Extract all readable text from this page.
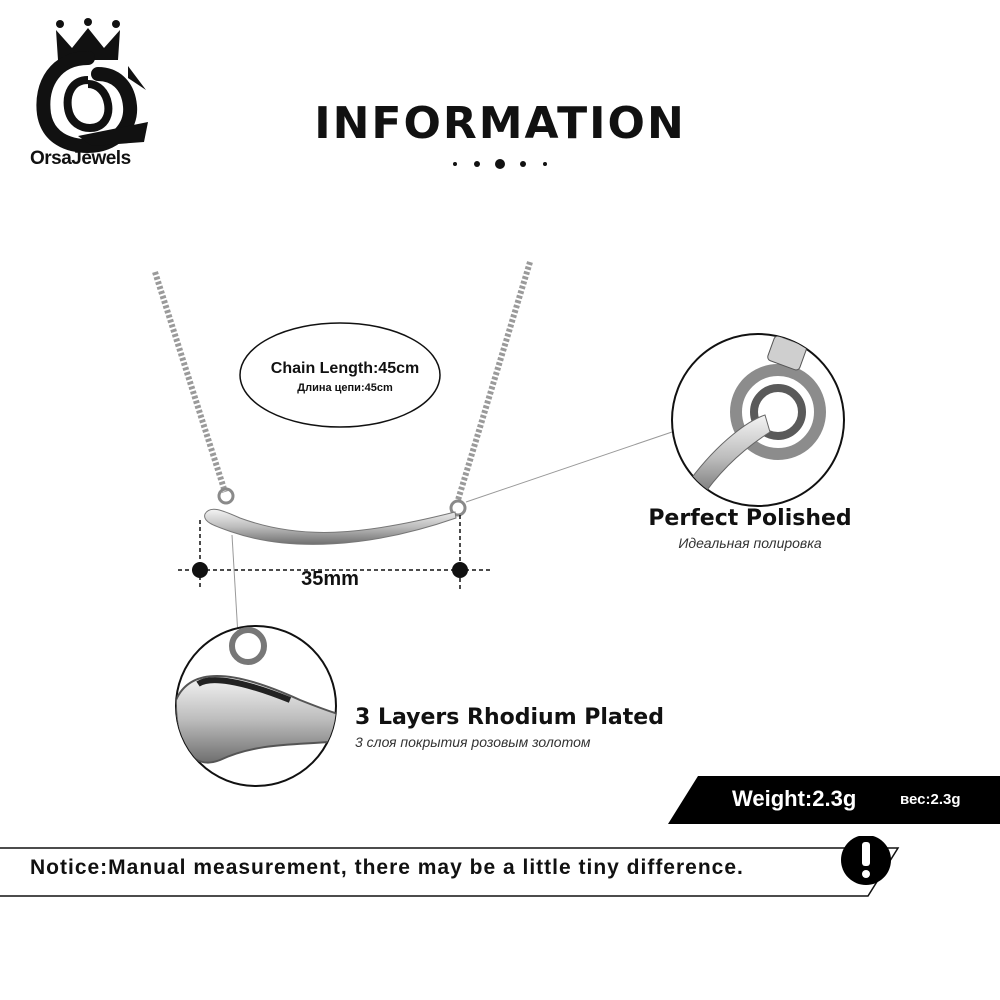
OrsaJewels
INFORMATION
Chain Length:45cm
Длина цепи:45cm
35mm
Perfect Polished
Идеальная полировка
3 Layers Rhodium Plated
3 слоя покрытия розовым золотом
Weight:2.3g	вес:2.3g
Notice:Manual measurement, there may be a little tiny difference.
